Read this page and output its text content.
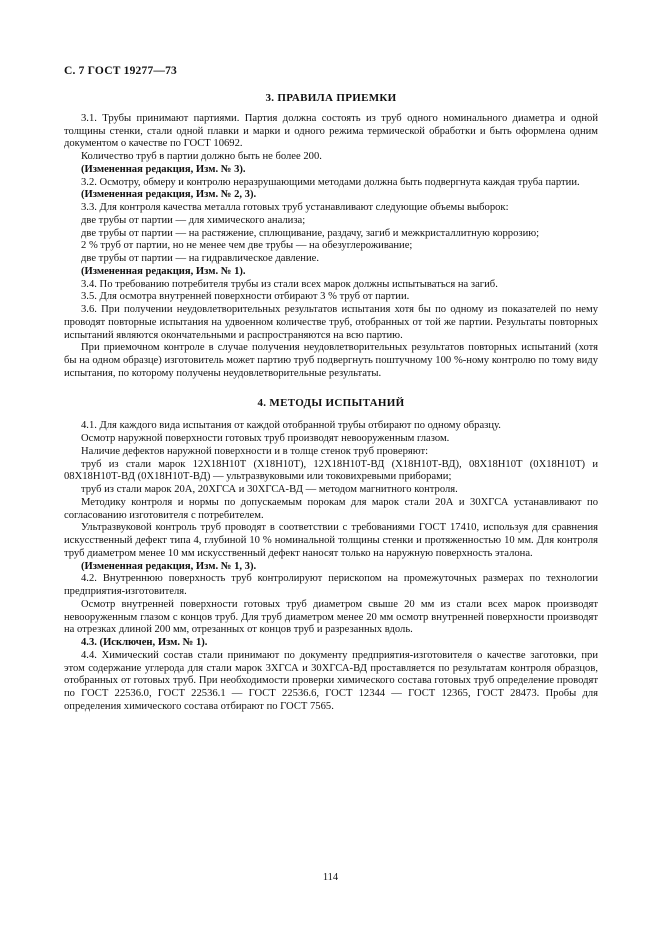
С. 7 ГОСТ 19277—73
3. ПРАВИЛА ПРИЕМКИ

3.1. Трубы принимают партиями. Партия должна состоять из труб одного номинального диаметра и одной толщины стенки, стали одной плавки и марки и одного режима термической обработки и быть оформлена одним документом о качестве по ГОСТ 10692.

Количество труб в партии должно быть не более 200.

(Измененная редакция, Изм. № 3).

3.2. Осмотру, обмеру и контролю неразрушающими методами должна быть подвергнута каждая труба партии.

(Измененная редакция, Изм. № 2, 3).

3.3. Для контроля качества металла готовых труб устанавливают следующие объемы выборок:

две трубы от партии — для химического анализа;

две трубы от партии — на растяжение, сплющивание, раздачу, загиб и межкристаллитную коррозию;

2 % труб от партии, но не менее чем две трубы — на обезуглероживание;

две трубы от партии — на гидравлическое давление.

(Измененная редакция, Изм. № 1).

3.4. По требованию потребителя трубы из стали всех марок должны испытываться на загиб.

3.5. Для осмотра внутренней поверхности отбирают 3 % труб от партии.

3.6. При получении неудовлетворительных результатов испытания хотя бы по одному из показателей по нему проводят повторные испытания на удвоенном количестве труб, отобранных от той же партии. Результаты повторных испытаний являются окончательными и распространяются на всю партию.

При приемочном контроле в случае получения неудовлетворительных результатов повторных испытаний (хотя бы на одном образце) изготовитель может партию труб подвергнуть поштучному 100 %-ному контролю по тому виду испытания, по которому получены неудовлетворительные результаты.

4. МЕТОДЫ ИСПЫТАНИЙ

4.1. Для каждого вида испытания от каждой отобранной трубы отбирают по одному образцу.

Осмотр наружной поверхности готовых труб производят невооруженным глазом.

Наличие дефектов наружной поверхности и в толще стенок труб проверяют:

труб из стали марок 12Х18Н10Т (Х18Н10Т), 12Х18Н10Т-ВД (Х18Н10Т-ВД), 08Х18Н10Т (0Х18Н10Т) и 08Х18Н10Т-ВД (0Х18Н10Т-ВД) — ультразвуковыми или токовихревыми приборами;

труб из стали марок 20А, 20ХГСА и 30ХГСА-ВД — методом магнитного контроля.

Методику контроля и нормы по допускаемым порокам для марок стали 20А и 30ХГСА устанавливают по согласованию изготовителя с потребителем.

Ультразвуковой контроль труб проводят в соответствии с требованиями ГОСТ 17410, используя для сравнения искусственный дефект типа 4, глубиной 10 % номинальной толщины стенки и протяженностью 10 мм. Для контроля труб диаметром менее 10 мм искусственный дефект наносят только на наружную поверхность эталона.

(Измененная редакция, Изм. № 1, 3).

4.2. Внутреннюю поверхность труб контролируют перископом на промежуточных размерах по технологии предприятия-изготовителя.

Осмотр внутренней поверхности готовых труб диаметром свыше 20 мм из стали всех марок производят невооруженным глазом с концов труб. Для труб диаметром менее 20 мм осмотр внутренней поверхности производят на отрезках длиной 200 мм, отрезанных от концов труб и разрезанных вдоль.

4.3. (Исключен, Изм. № 1).

4.4. Химический состав стали принимают по документу предприятия-изготовителя о качестве заготовки, при этом содержание углерода для стали марок 3ХГСА и 30ХГСА-ВД проставляется по результатам контроля образцов, отобранных от готовых труб. При необходимости проверки химического состава готовых труб определение проводят по ГОСТ 22536.0, ГОСТ 22536.1 — ГОСТ 22536.6, ГОСТ 12344 — ГОСТ 12365, ГОСТ 28473. Пробы для определения химического состава отбирают по ГОСТ 7565.

114
